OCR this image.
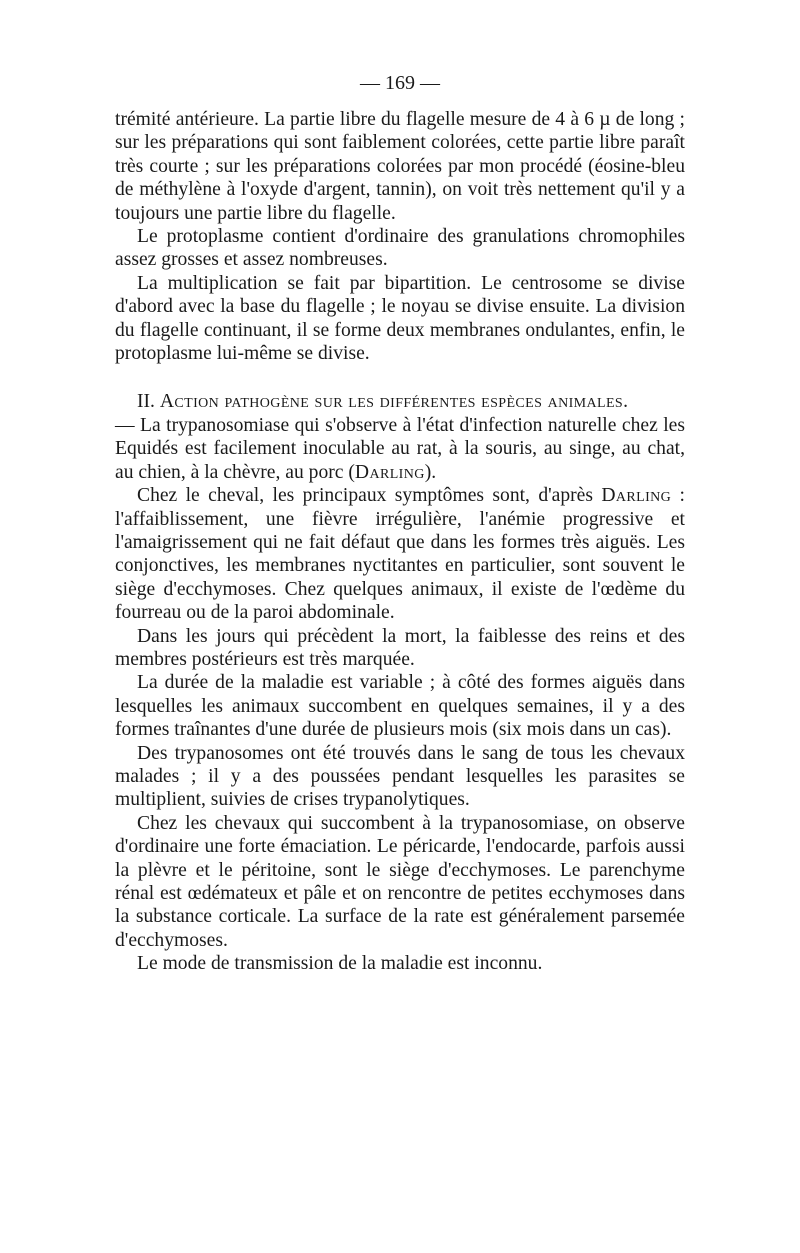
— 169 —

trémité antérieure. La partie libre du flagelle mesure de 4 à 6 µ de long ; sur les préparations qui sont faiblement colorées, cette partie libre paraît très courte ; sur les préparations colorées par mon procédé (éosine-bleu de méthylène à l'oxyde d'argent, tannin), on voit très nettement qu'il y a toujours une partie libre du flagelle.

Le protoplasme contient d'ordinaire des granulations chromophiles assez grosses et assez nombreuses.

La multiplication se fait par bipartition. Le centrosome se divise d'abord avec la base du flagelle ; le noyau se divise ensuite. La division du flagelle continuant, il se forme deux membranes ondulantes, enfin, le protoplasme lui-même se divise.

II. Action pathogène sur les différentes espèces animales.

— La trypanosomiase qui s'observe à l'état d'infection naturelle chez les Equidés est facilement inoculable au rat, à la souris, au singe, au chat, au chien, à la chèvre, au porc (Darling).

Chez le cheval, les principaux symptômes sont, d'après Darling : l'affaiblissement, une fièvre irrégulière, l'anémie progressive et l'amaigrissement qui ne fait défaut que dans les formes très aiguës. Les conjonctives, les membranes nyctitantes en particulier, sont souvent le siège d'ecchymoses. Chez quelques animaux, il existe de l'œdème du fourreau ou de la paroi abdominale.

Dans les jours qui précèdent la mort, la faiblesse des reins et des membres postérieurs est très marquée.

La durée de la maladie est variable ; à côté des formes aiguës dans lesquelles les animaux succombent en quelques semaines, il y a des formes traînantes d'une durée de plusieurs mois (six mois dans un cas).

Des trypanosomes ont été trouvés dans le sang de tous les chevaux malades ; il y a des poussées pendant lesquelles les parasites se multiplient, suivies de crises trypanolytiques.

Chez les chevaux qui succombent à la trypanosomiase, on observe d'ordinaire une forte émaciation. Le péricarde, l'endocarde, parfois aussi la plèvre et le péritoine, sont le siège d'ecchymoses. Le parenchyme rénal est œdémateux et pâle et on rencontre de petites ecchymoses dans la substance corticale. La surface de la rate est généralement parsemée d'ecchymoses.

Le mode de transmission de la maladie est inconnu.
